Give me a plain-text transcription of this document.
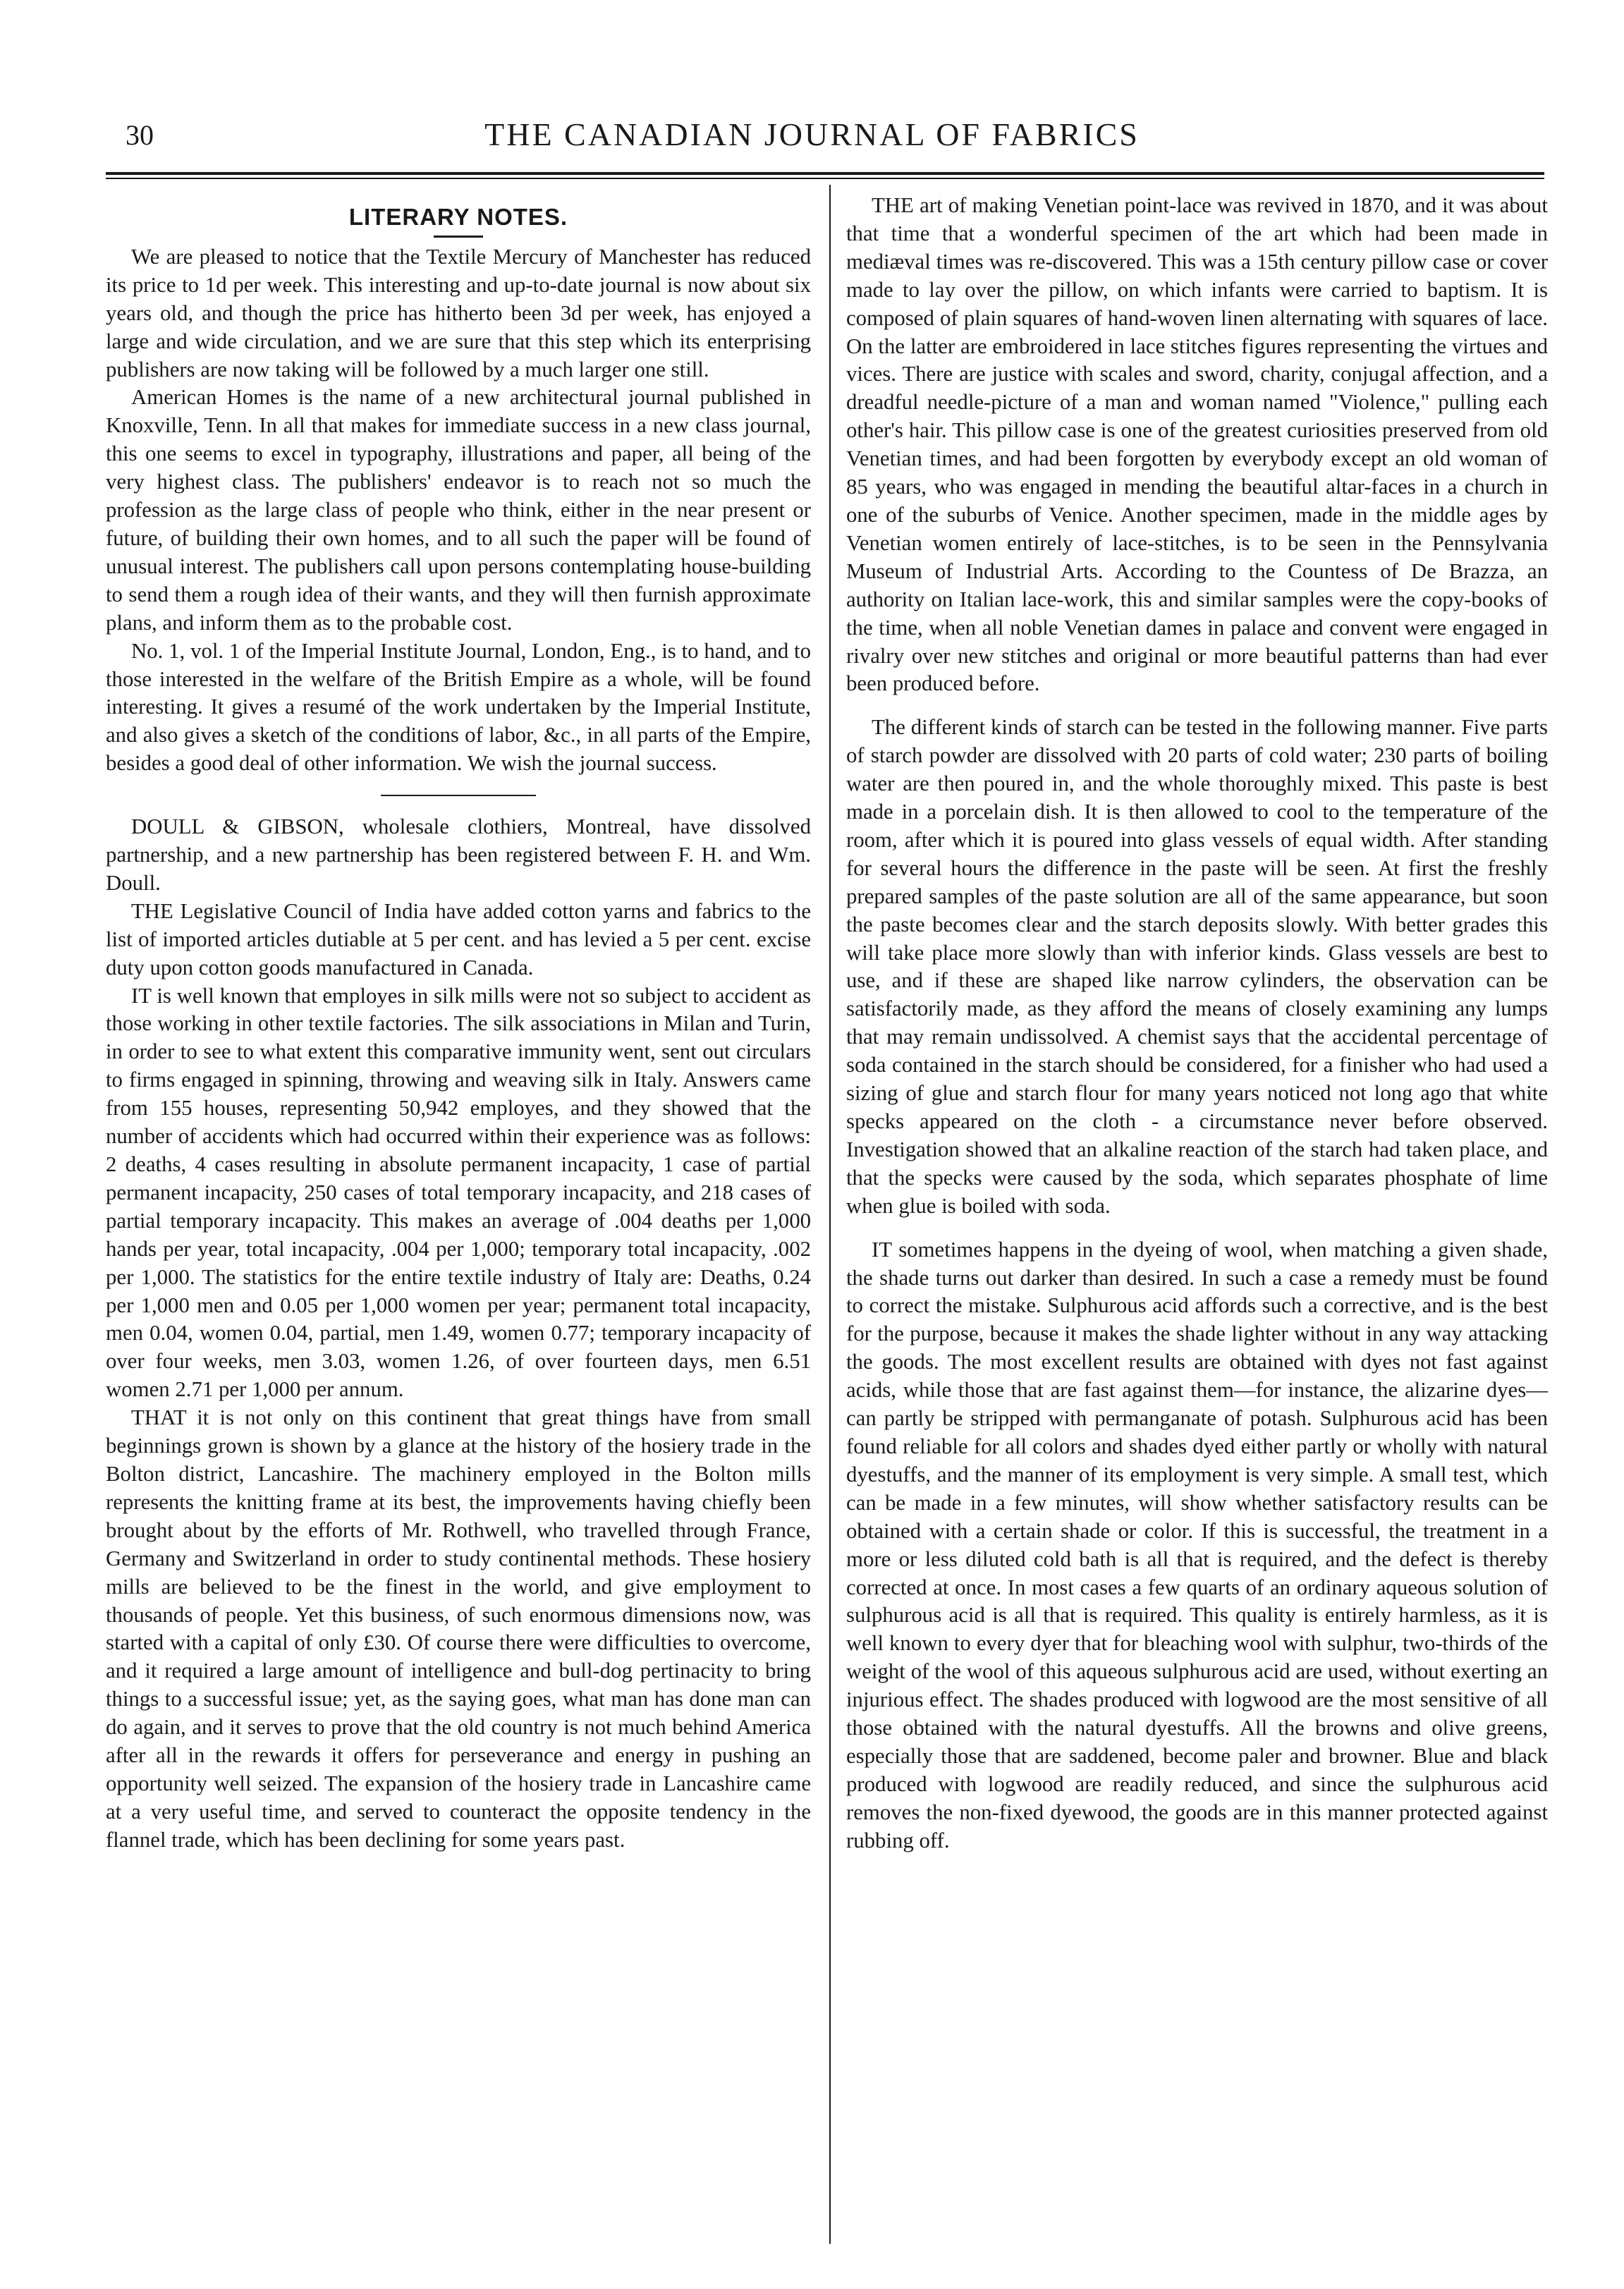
30	THE CANADIAN JOURNAL OF FABRICS
LITERARY NOTES.

We are pleased to notice that the Textile Mercury of Manchester has reduced its price to 1d per week. This interesting and up-to-date journal is now about six years old, and though the price has hitherto been 3d per week, has enjoyed a large and wide circulation, and we are sure that this step which its enterprising publishers are now taking will be followed by a much larger one still.

American Homes is the name of a new architectural journal published in Knoxville, Tenn. In all that makes for immediate success in a new class journal, this one seems to excel in typography, illustrations and paper, all being of the very highest class. The publishers' endeavor is to reach not so much the profession as the large class of people who think, either in the near present or future, of building their own homes, and to all such the paper will be found of unusual interest. The publishers call upon persons contemplating house-building to send them a rough idea of their wants, and they will then furnish approximate plans, and inform them as to the probable cost.

No. 1, vol. 1 of the Imperial Institute Journal, London, Eng., is to hand, and to those interested in the welfare of the British Empire as a whole, will be found interesting. It gives a resumé of the work undertaken by the Imperial Institute, and also gives a sketch of the conditions of labor, &c., in all parts of the Empire, besides a good deal of other information. We wish the journal success.

DOULL & GIBSON, wholesale clothiers, Montreal, have dissolved partnership, and a new partnership has been registered between F. H. and Wm. Doull.

THE Legislative Council of India have added cotton yarns and fabrics to the list of imported articles dutiable at 5 per cent. and has levied a 5 per cent. excise duty upon cotton goods manufactured in Canada.

IT is well known that employes in silk mills were not so subject to accident as those working in other textile factories. The silk associations in Milan and Turin, in order to see to what extent this comparative immunity went, sent out circulars to firms engaged in spinning, throwing and weaving silk in Italy. Answers came from 155 houses, representing 50,942 employes, and they showed that the number of accidents which had occurred within their experience was as follows: 2 deaths, 4 cases resulting in absolute permanent incapacity, 1 case of partial permanent incapacity, 250 cases of total temporary incapacity, and 218 cases of partial temporary incapacity. This makes an average of .004 deaths per 1,000 hands per year, total incapacity, .004 per 1,000; temporary total incapacity, .002 per 1,000. The statistics for the entire textile industry of Italy are: Deaths, 0.24 per 1,000 men and 0.05 per 1,000 women per year; permanent total incapacity, men 0.04, women 0.04, partial, men 1.49, women 0.77; temporary incapacity of over four weeks, men 3.03, women 1.26, of over fourteen days, men 6.51 women 2.71 per 1,000 per annum.

THAT it is not only on this continent that great things have from small beginnings grown is shown by a glance at the history of the hosiery trade in the Bolton district, Lancashire. The machinery employed in the Bolton mills represents the knitting frame at its best, the improvements having chiefly been brought about by the efforts of Mr. Rothwell, who travelled through France, Germany and Switzerland in order to study continental methods. These hosiery mills are believed to be the finest in the world, and give employment to thousands of people. Yet this business, of such enormous dimensions now, was started with a capital of only £30. Of course there were difficulties to overcome, and it required a large amount of intelligence and bull-dog pertinacity to bring things to a successful issue; yet, as the saying goes, what man has done man can do again, and it serves to prove that the old country is not much behind America after all in the rewards it offers for perseverance and energy in pushing an opportunity well seized. The expansion of the hosiery trade in Lancashire came at a very useful time, and served to counteract the opposite tendency in the flannel trade, which has been declining for some years past.

THE art of making Venetian point-lace was revived in 1870, and it was about that time that a wonderful specimen of the art which had been made in mediæval times was re-discovered. This was a 15th century pillow case or cover made to lay over the pillow, on which infants were carried to baptism. It is composed of plain squares of hand-woven linen alternating with squares of lace. On the latter are embroidered in lace stitches figures representing the virtues and vices. There are justice with scales and sword, charity, conjugal affection, and a dreadful needle-picture of a man and woman named "Violence," pulling each other's hair. This pillow case is one of the greatest curiosities preserved from old Venetian times, and had been forgotten by everybody except an old woman of 85 years, who was engaged in mending the beautiful altar-faces in a church in one of the suburbs of Venice. Another specimen, made in the middle ages by Venetian women entirely of lace-stitches, is to be seen in the Pennsylvania Museum of Industrial Arts. According to the Countess of De Brazza, an authority on Italian lace-work, this and similar samples were the copy-books of the time, when all noble Venetian dames in palace and convent were engaged in rivalry over new stitches and original or more beautiful patterns than had ever been produced before.

The different kinds of starch can be tested in the following manner. Five parts of starch powder are dissolved with 20 parts of cold water; 230 parts of boiling water are then poured in, and the whole thoroughly mixed. This paste is best made in a porcelain dish. It is then allowed to cool to the temperature of the room, after which it is poured into glass vessels of equal width. After standing for several hours the difference in the paste will be seen. At first the freshly prepared samples of the paste solution are all of the same appearance, but soon the paste becomes clear and the starch deposits slowly. With better grades this will take place more slowly than with inferior kinds. Glass vessels are best to use, and if these are shaped like narrow cylinders, the observation can be satisfactorily made, as they afford the means of closely examining any lumps that may remain undissolved. A chemist says that the accidental percentage of soda contained in the starch should be considered, for a finisher who had used a sizing of glue and starch flour for many years noticed not long ago that white specks appeared on the cloth - a circumstance never before observed. Investigation showed that an alkaline reaction of the starch had taken place, and that the specks were caused by the soda, which separates phosphate of lime when glue is boiled with soda.

IT sometimes happens in the dyeing of wool, when matching a given shade, the shade turns out darker than desired. In such a case a remedy must be found to correct the mistake. Sulphurous acid affords such a corrective, and is the best for the purpose, because it makes the shade lighter without in any way attacking the goods. The most excellent results are obtained with dyes not fast against acids, while those that are fast against them—for instance, the alizarine dyes—can partly be stripped with permanganate of potash. Sulphurous acid has been found reliable for all colors and shades dyed either partly or wholly with natural dyestuffs, and the manner of its employment is very simple. A small test, which can be made in a few minutes, will show whether satisfactory results can be obtained with a certain shade or color. If this is successful, the treatment in a more or less diluted cold bath is all that is required, and the defect is thereby corrected at once. In most cases a few quarts of an ordinary aqueous solution of sulphurous acid is all that is required. This quality is entirely harmless, as it is well known to every dyer that for bleaching wool with sulphur, two-thirds of the weight of the wool of this aqueous sulphurous acid are used, without exerting an injurious effect. The shades produced with logwood are the most sensitive of all those obtained with the natural dyestuffs. All the browns and olive greens, especially those that are saddened, become paler and browner. Blue and black produced with logwood are readily reduced, and since the sulphurous acid removes the non-fixed dyewood, the goods are in this manner protected against rubbing off.
